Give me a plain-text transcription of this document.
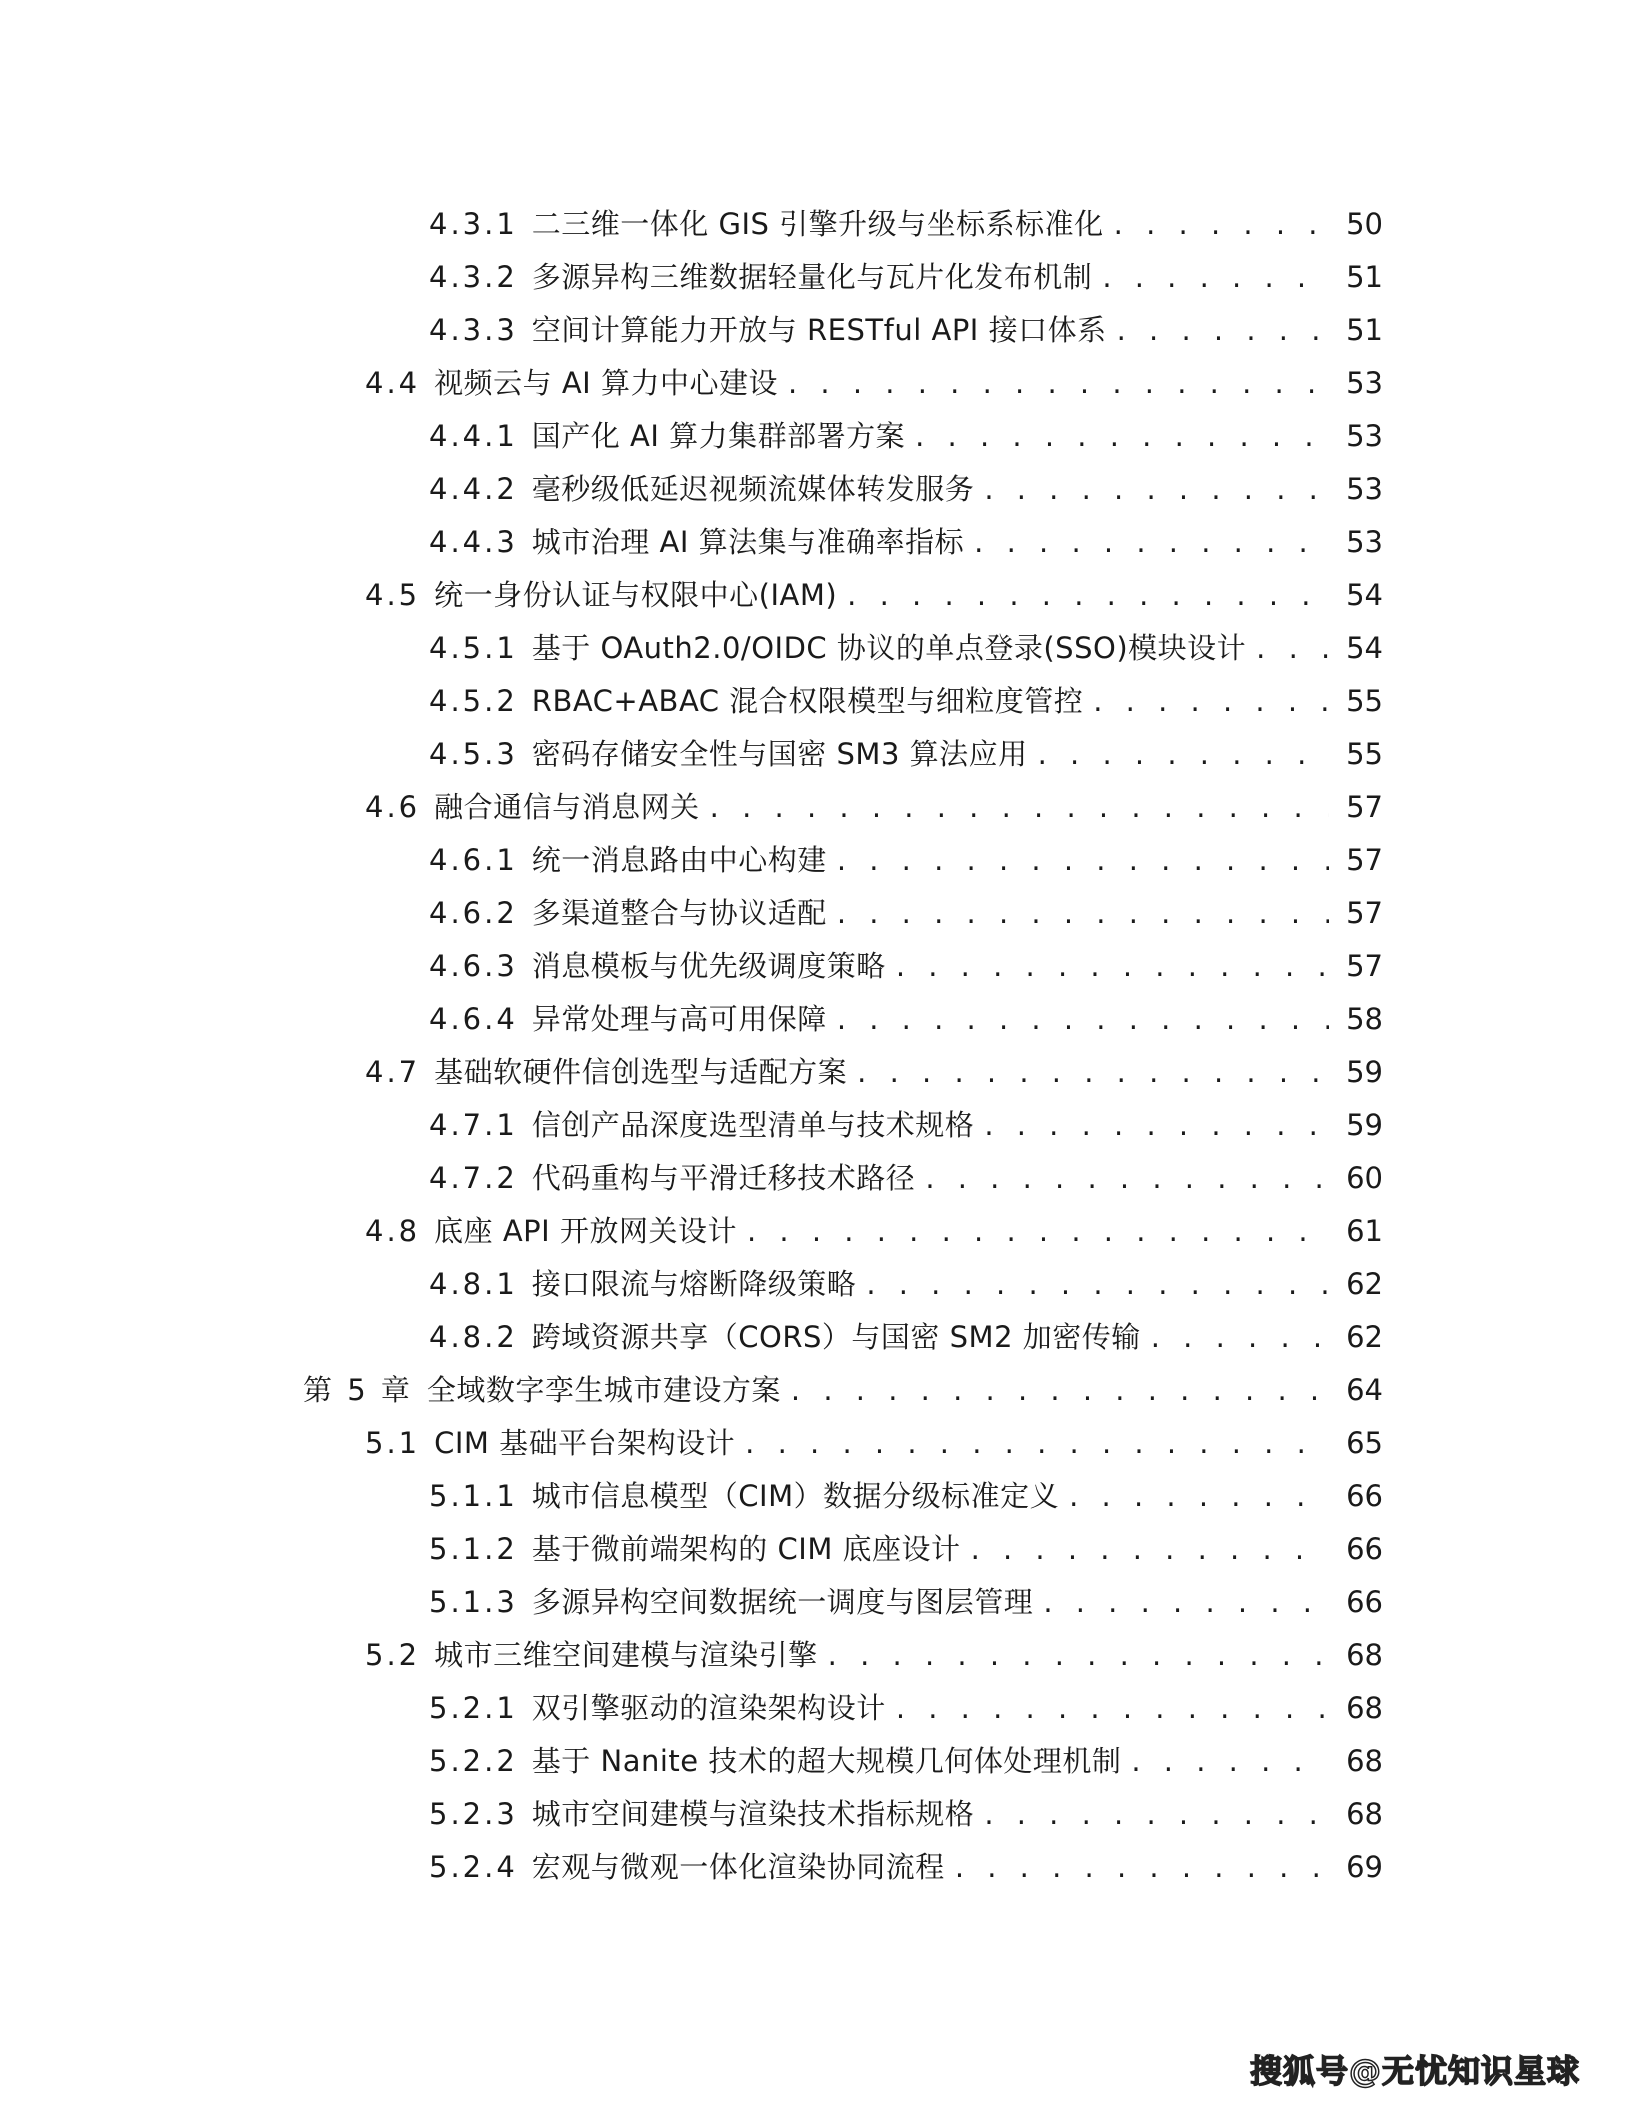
4.3.1 二三维一体化 GIS 引擎升级与坐标系标准化 . . .	50
4.3.2 多源异构三维数据轻量化与瓦片化发布机制 . . .	51
4.3.3 空间计算能力开放与 RESTful API 接口体系 . . .	51
4.4 视频云与 AI 算力中心建设 . . .	53
4.4.1 国产化 AI 算力集群部署方案 . . .	53
4.4.2 毫秒级低延迟视频流媒体转发服务 . . .	53
4.4.3 城市治理 AI 算法集与准确率指标 . . .	53
4.5 统一身份认证与权限中心(IAM) . . .	54
4.5.1 基于 OAuth2.0/OIDC 协议的单点登录(SSO)模块设计 . . .	54
4.5.2 RBAC+ABAC 混合权限模型与细粒度管控 . . .	55
4.5.3 密码存储安全性与国密 SM3 算法应用 . . .	55
4.6 融合通信与消息网关 . . .	57
4.6.1 统一消息路由中心构建 . . .	57
4.6.2 多渠道整合与协议适配 . . .	57
4.6.3 消息模板与优先级调度策略 . . .	57
4.6.4 异常处理与高可用保障 . . .	58
4.7 基础软硬件信创选型与适配方案 . . .	59
4.7.1 信创产品深度选型清单与技术规格 . . .	59
4.7.2 代码重构与平滑迁移技术路径 . . .	60
4.8 底座 API 开放网关设计 . . .	61
4.8.1 接口限流与熔断降级策略 . . .	62
4.8.2 跨域资源共享（CORS）与国密 SM2 加密传输 . . .	62
第 5 章 全域数字孪生城市建设方案 . . .	64
5.1 CIM 基础平台架构设计 . . .	65
5.1.1 城市信息模型（CIM）数据分级标准定义 . . .	66
5.1.2 基于微前端架构的 CIM 底座设计 . . .	66
5.1.3 多源异构空间数据统一调度与图层管理 . . .	66
5.2 城市三维空间建模与渲染引擎 . . .	68
5.2.1 双引擎驱动的渲染架构设计 . . .	68
5.2.2 基于 Nanite 技术的超大规模几何体处理机制 . . .	68
5.2.3 城市空间建模与渲染技术指标规格 . . .	68
5.2.4 宏观与微观一体化渲染协同流程 . . .	69
搜狐号@无忧知识星球
